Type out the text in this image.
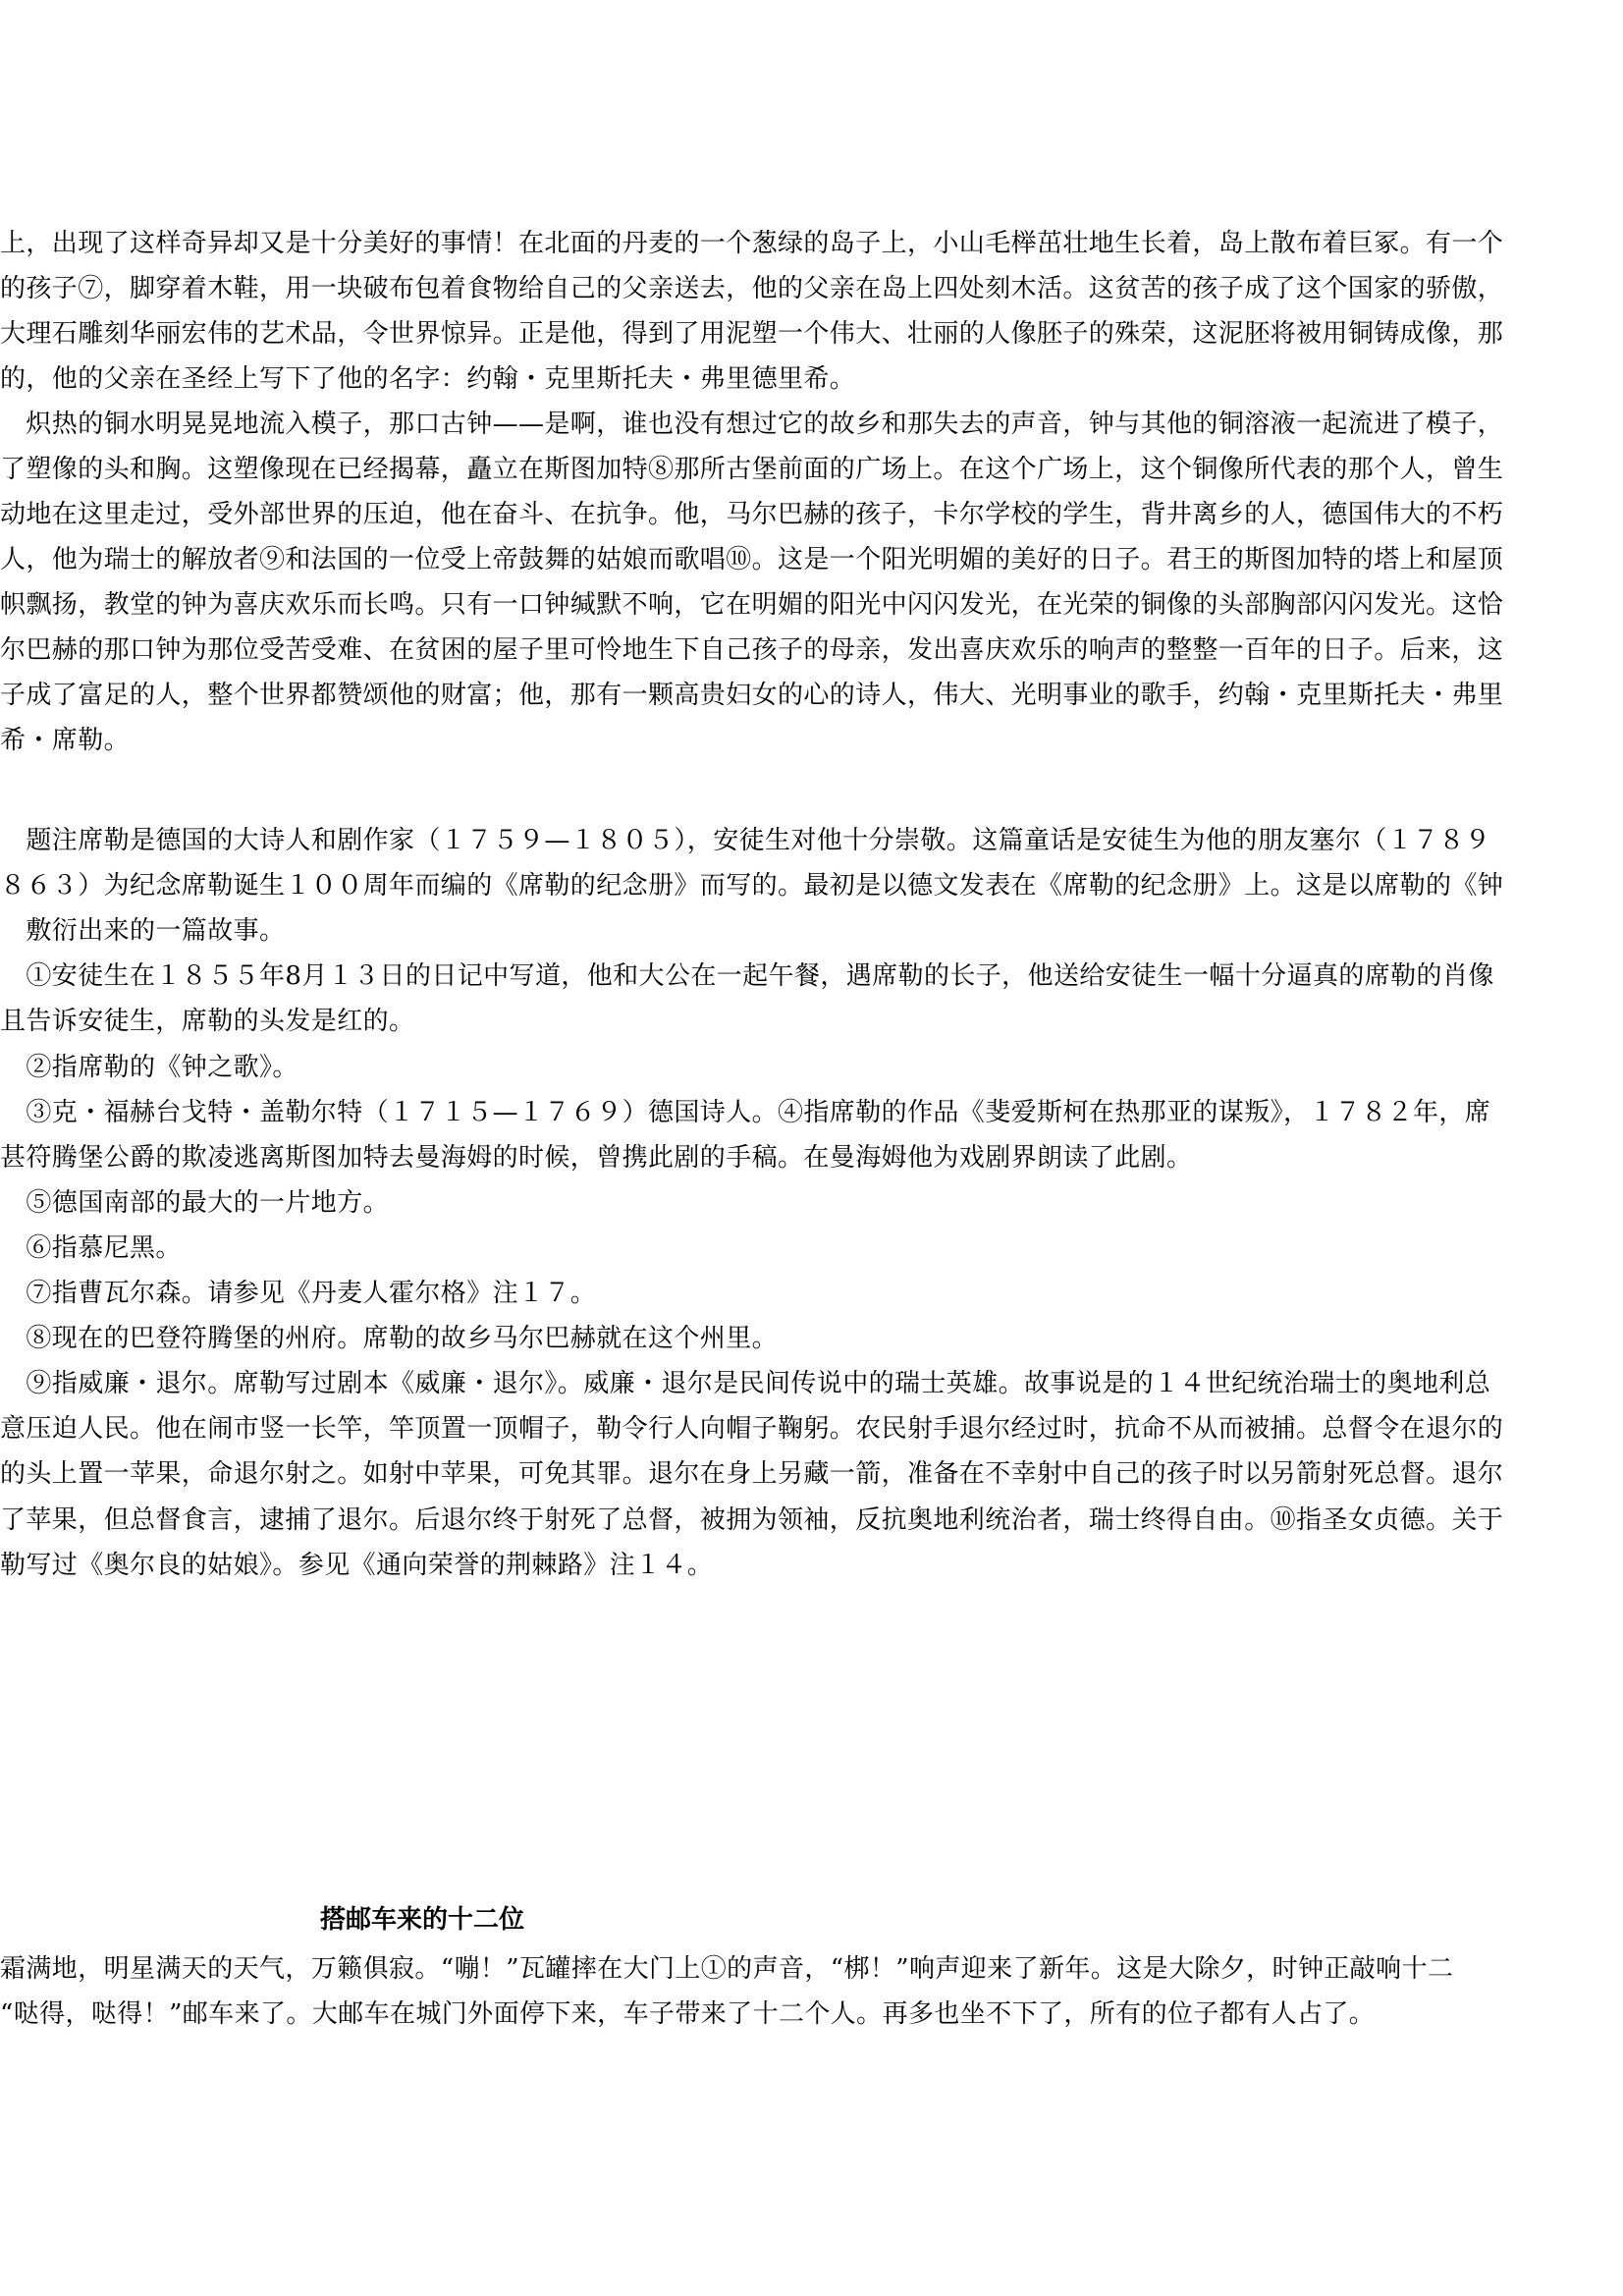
上，出现了这样奇异却又是十分美好的事情！在北面的丹麦的一个葱绿的岛子上，小山毛榉茁壮地生长着，岛上散布着巨冢。有一个
的孩子⑦，脚穿着木鞋，用一块破布包着食物给自己的父亲送去，他的父亲在岛上四处刻木活。这贫苦的孩子成了这个国家的骄傲，
大理石雕刻华丽宏伟的艺术品，令世界惊异。正是他，得到了用泥塑一个伟大、壮丽的人像胚子的殊荣，这泥胚将被用铜铸成像，那
的，他的父亲在圣经上写下了他的名字：约翰・克里斯托夫・弗里德里希。
　炽热的铜水明晃晃地流入模子，那口古钟——是啊，谁也没有想过它的故乡和那失去的声音，钟与其他的铜溶液一起流进了模子，
了塑像的头和胸。这塑像现在已经揭幕，矗立在斯图加特⑧那所古堡前面的广场上。在这个广场上，这个铜像所代表的那个人，曾生
动地在这里走过，受外部世界的压迫，他在奋斗、在抗争。他，马尔巴赫的孩子，卡尔学校的学生，背井离乡的人，德国伟大的不朽
人，他为瑞士的解放者⑨和法国的一位受上帝鼓舞的姑娘而歌唱⑩。这是一个阳光明媚的美好的日子。君王的斯图加特的塔上和屋顶
帜飘扬，教堂的钟为喜庆欢乐而长鸣。只有一口钟缄默不响，它在明媚的阳光中闪闪发光，在光荣的铜像的头部胸部闪闪发光。这恰
尔巴赫的那口钟为那位受苦受难、在贫困的屋子里可怜地生下自己孩子的母亲，发出喜庆欢乐的响声的整整一百年的日子。后来，这
子成了富足的人，整个世界都赞颂他的财富；他，那有一颗高贵妇女的心的诗人，伟大、光明事业的歌手，约翰・克里斯托夫・弗里
希・席勒。
　题注席勒是德国的大诗人和剧作家（１７５９—１８０５），安徒生对他十分崇敬。这篇童话是安徒生为他的朋友塞尔（１７８９
８６３）为纪念席勒诞生１００周年而编的《席勒的纪念册》而写的。最初是以德文发表在《席勒的纪念册》上。这是以席勒的《钟
　敷衍出来的一篇故事。
　①安徒生在１８５５年8月１３日的日记中写道，他和大公在一起午餐，遇席勒的长子，他送给安徒生一幅十分逼真的席勒的肖像
且告诉安徒生，席勒的头发是红的。
　②指席勒的《钟之歌》。
　③克・福赫台戈特・盖勒尔特（１７１５—１７６９）德国诗人。④指席勒的作品《斐爱斯柯在热那亚的谋叛》，１７８２年，席
甚符腾堡公爵的欺凌逃离斯图加特去曼海姆的时候，曾携此剧的手稿。在曼海姆他为戏剧界朗读了此剧。
　⑤德国南部的最大的一片地方。
　⑥指慕尼黑。
　⑦指曹瓦尔森。请参见《丹麦人霍尔格》注１７。
　⑧现在的巴登符腾堡的州府。席勒的故乡马尔巴赫就在这个州里。
　⑨指威廉・退尔。席勒写过剧本《威廉・退尔》。威廉・退尔是民间传说中的瑞士英雄。故事说是的１４世纪统治瑞士的奥地利总
意压迫人民。他在闹市竖一长竿，竿顶置一顶帽子，勒令行人向帽子鞠躬。农民射手退尔经过时，抗命不从而被捕。总督令在退尔的
的头上置一苹果，命退尔射之。如射中苹果，可免其罪。退尔在身上另藏一箭，准备在不幸射中自己的孩子时以另箭射死总督。退尔
了苹果，但总督食言，逮捕了退尔。后退尔终于射死了总督，被拥为领袖，反抗奥地利统治者，瑞士终得自由。⑩指圣女贞德。关于
勒写过《奥尔良的姑娘》。参见《通向荣誉的荆棘路》注１４。
搭邮车来的十二位
霜满地，明星满天的天气，万籁俱寂。“嘣！”瓦罐摔在大门上①的声音，“梆！”响声迎来了新年。这是大除夕，时钟正敲响十二
“哒得，哒得！”邮车来了。大邮车在城门外面停下来，车子带来了十二个人。再多也坐不下了，所有的位子都有人占了。
